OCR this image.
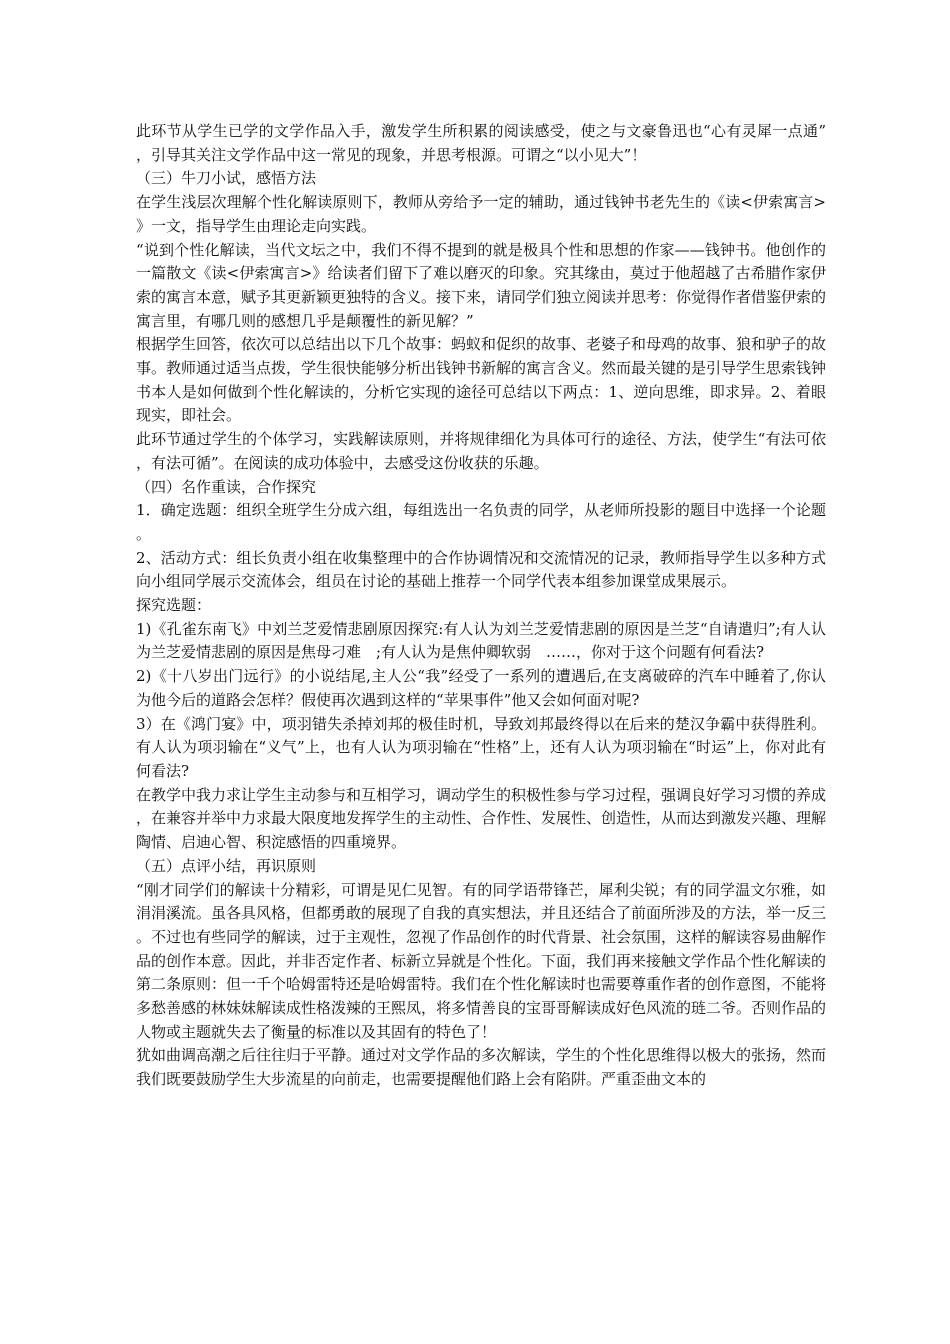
此环节从学生已学的文学作品入手，激发学生所积累的阅读感受，使之与文豪鲁迅也“心有灵犀一点通”，引导其关注文学作品中这一常见的现象，并思考根源。可谓之“以小见大”！

（三）牛刀小试，感悟方法

在学生浅层次理解个性化解读原则下，教师从旁给予一定的辅助，通过钱钟书老先生的《读<伊索寓言>》一文，指导学生由理论走向实践。

“说到个性化解读，当代文坛之中，我们不得不提到的就是极具个性和思想的作家——钱钟书。他创作的一篇散文《读<伊索寓言>》给读者们留下了难以磨灭的印象。究其缘由，莫过于他超越了古希腊作家伊索的寓言本意，赋予其更新颖更独特的含义。接下来，请同学们独立阅读并思考：你觉得作者借鉴伊索的寓言里，有哪几则的感想几乎是颠覆性的新见解？”

根据学生回答，依次可以总结出以下几个故事：蚂蚁和促织的故事、老婆子和母鸡的故事、狼和驴子的故事。教师通过适当点拨，学生很快能够分析出钱钟书新解的寓言含义。然而最关键的是引导学生思索钱钟书本人是如何做到个性化解读的，分析它实现的途径可总结以下两点：1、逆向思维，即求异。2、着眼现实，即社会。

此环节通过学生的个体学习，实践解读原则，并将规律细化为具体可行的途径、方法，使学生“有法可依，有法可循”。在阅读的成功体验中，去感受这份收获的乐趣。

（四）名作重读，合作探究

1．确定选题：组织全班学生分成六组，每组选出一名负责的同学，从老师所投影的题目中选择一个论题。

2、活动方式：组长负责小组在收集整理中的合作协调情况和交流情况的记录，教师指导学生以多种方式向小组同学展示交流体会，组员在讨论的基础上推荐一个同学代表本组参加课堂成果展示。

探究选题：

1)《孔雀东南飞》中刘兰芝爱情悲剧原因探究:有人认为刘兰芝爱情悲剧的原因是兰芝“自请遣归”;有人认为兰芝爱情悲剧的原因是焦母刁难　;有人认为是焦仲卿软弱　……，你对于这个问题有何看法?

2)《十八岁出门远行》的小说结尾,主人公“我”经受了一系列的遭遇后,在支离破碎的汽车中睡着了,你认为他今后的道路会怎样？假使再次遇到这样的“苹果事件”他又会如何面对呢?

3）在《鸿门宴》中，项羽错失杀掉刘邦的极佳时机，导致刘邦最终得以在后来的楚汉争霸中获得胜利。有人认为项羽输在“义气”上，也有人认为项羽输在“性格”上，还有人认为项羽输在“时运”上，你对此有何看法?

在教学中我力求让学生主动参与和互相学习，调动学生的积极性参与学习过程，强调良好学习习惯的养成，在兼容并举中力求最大限度地发挥学生的主动性、合作性、发展性、创造性，从而达到激发兴趣、理解陶情、启迪心智、积淀感悟的四重境界。

（五）点评小结，再识原则

“刚才同学们的解读十分精彩，可谓是见仁见智。有的同学语带锋芒，犀利尖锐；有的同学温文尔雅，如涓涓溪流。虽各具风格，但都勇敢的展现了自我的真实想法，并且还结合了前面所涉及的方法，举一反三。不过也有些同学的解读，过于主观性，忽视了作品创作的时代背景、社会氛围，这样的解读容易曲解作品的创作本意。因此，并非否定作者、标新立异就是个性化。下面，我们再来接触文学作品个性化解读的第二条原则：但一千个哈姆雷特还是哈姆雷特。我们在个性化解读时也需要尊重作者的创作意图，不能将多愁善感的林妹妹解读成性格泼辣的王熙凤，将多情善良的宝哥哥解读成好色风流的琏二爷。否则作品的人物或主题就失去了衡量的标准以及其固有的特色了！

犹如曲调高潮之后往往归于平静。通过对文学作品的多次解读，学生的个性化思维得以极大的张扬，然而我们既要鼓励学生大步流星的向前走，也需要提醒他们路上会有陷阱。严重歪曲文本的
